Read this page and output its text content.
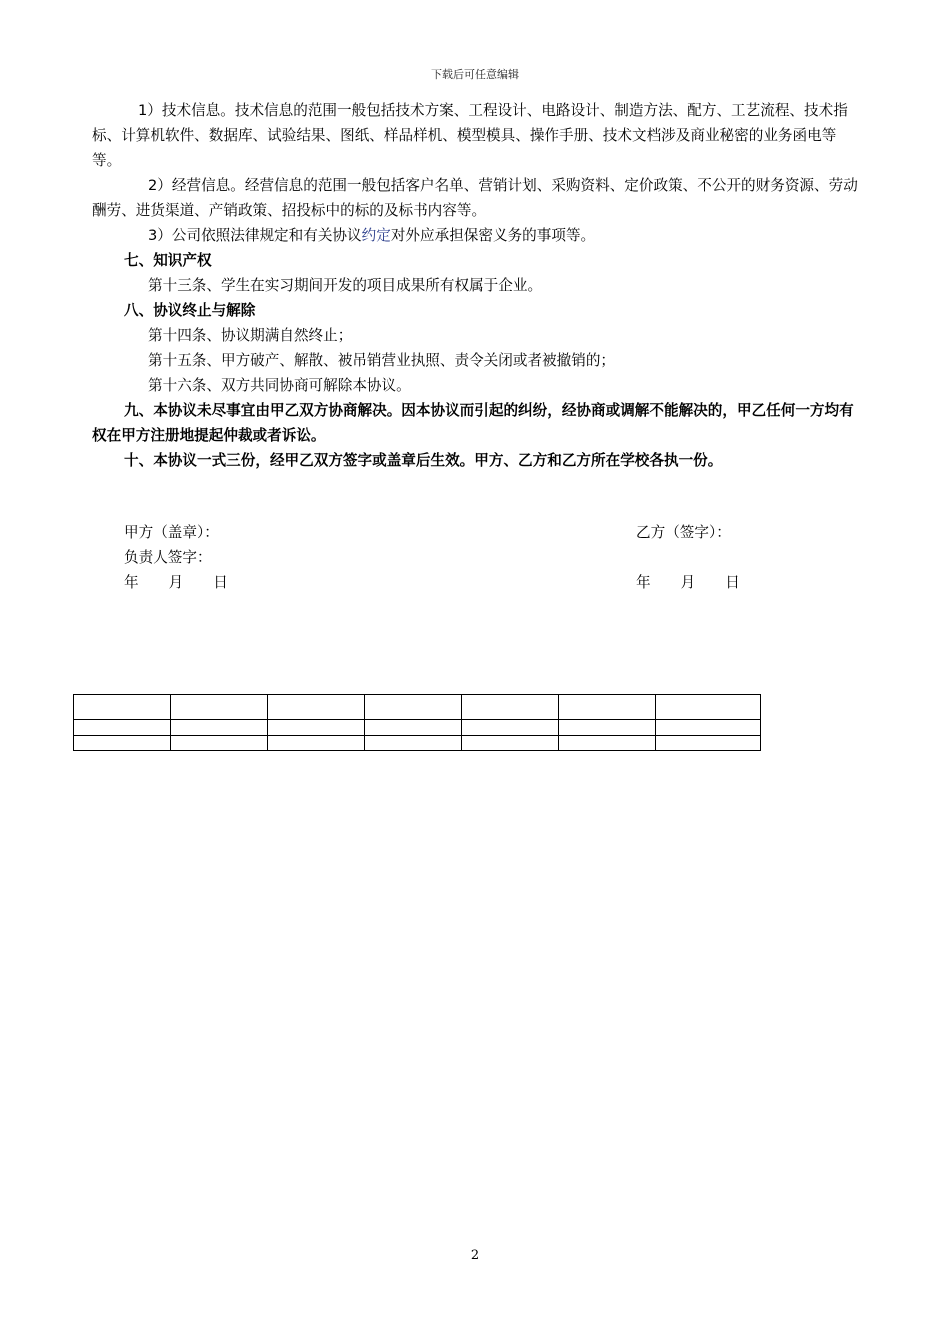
下载后可任意编辑

1）技术信息。技术信息的范围一般包括技术方案、工程设计、电路设计、制造方法、配方、工艺流程、技术指标、计算机软件、数据库、试验结果、图纸、样品样机、模型模具、操作手册、技术文档涉及商业秘密的业务函电等等。

2）经营信息。经营信息的范围一般包括客户名单、营销计划、采购资料、定价政策、不公开的财务资源、劳动酬劳、进货渠道、产销政策、招投标中的标的及标书内容等。

3）公司依照法律规定和有关协议约定对外应承担保密义务的事项等。

七、知识产权

第十三条、学生在实习期间开发的项目成果所有权属于企业。

八、协议终止与解除

第十四条、协议期满自然终止；

第十五条、甲方破产、解散、被吊销营业执照、责令关闭或者被撤销的；

第十六条、双方共同协商可解除本协议。

九、本协议未尽事宜由甲乙双方协商解决。因本协议而引起的纠纷，经协商或调解不能解决的，甲乙任何一方均有权在甲方注册地提起仲裁或者诉讼。

十、本协议一式三份，经甲乙双方签字或盖章后生效。甲方、乙方和乙方所在学校各执一份。

甲方（盖章）：	乙方（签字）：
负责人签字：
年 月 日	年 月 日

2
